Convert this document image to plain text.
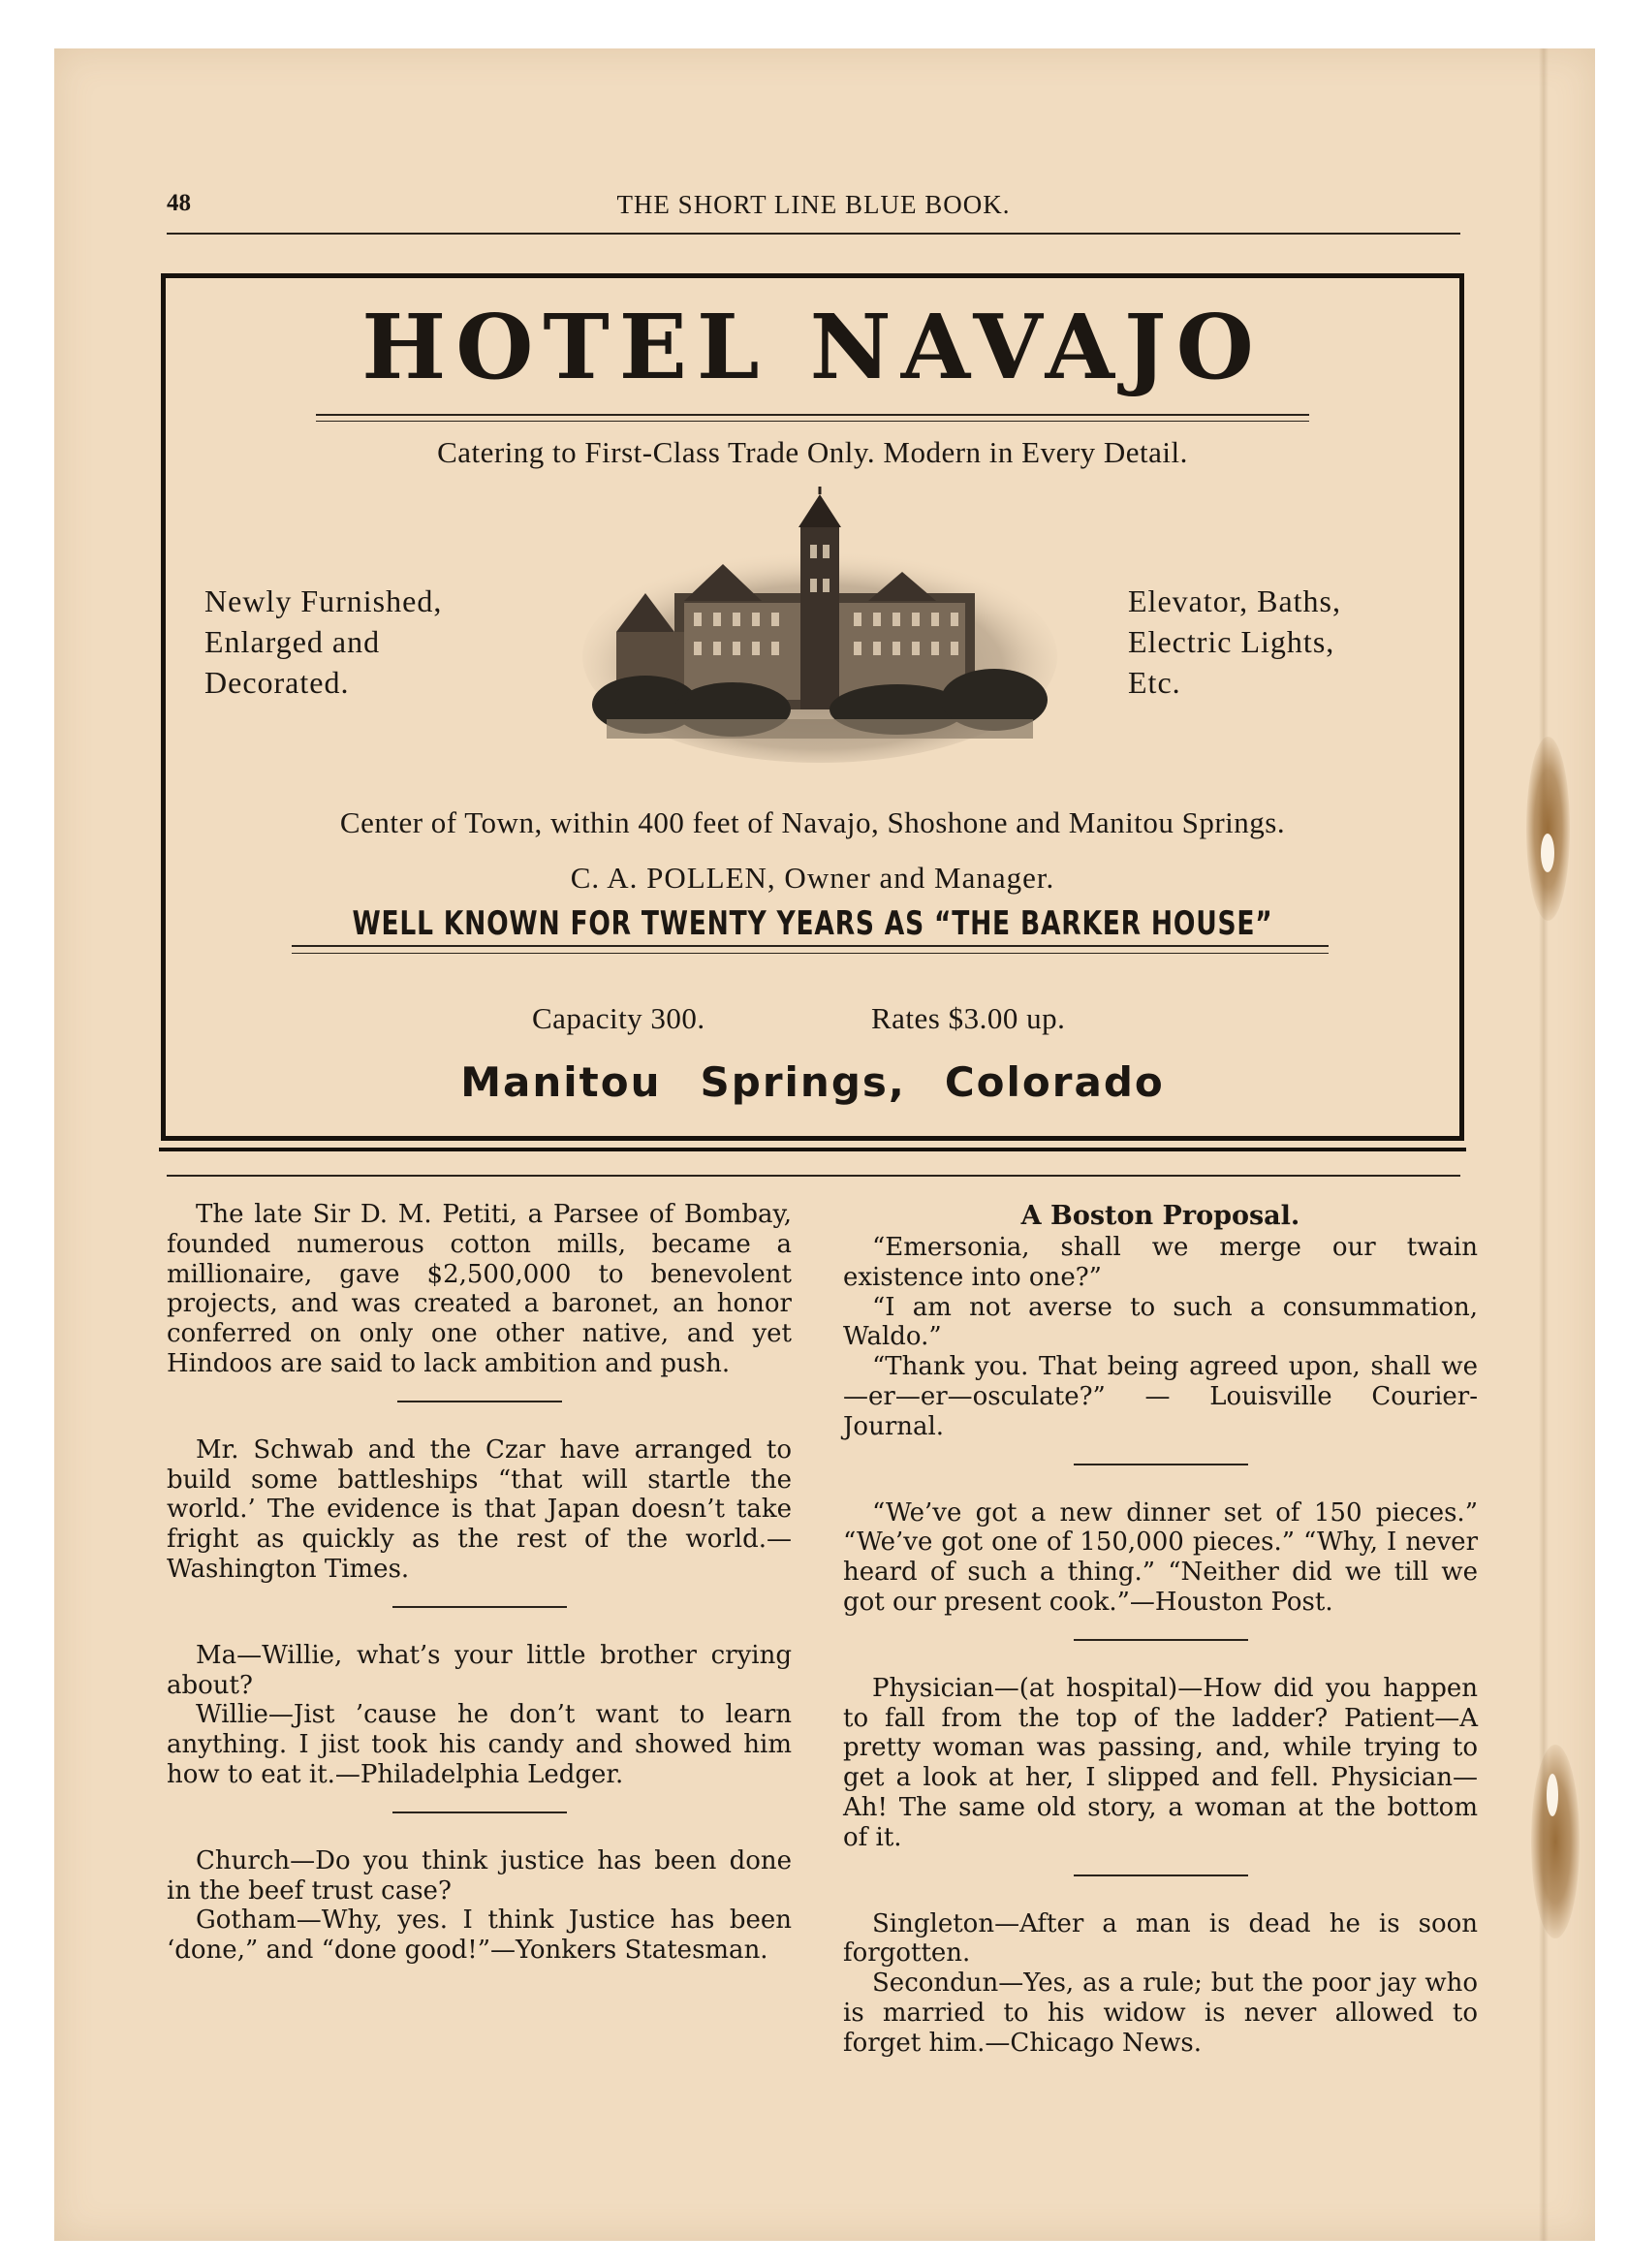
48	THE SHORT LINE BLUE BOOK.
HOTEL NAVAJO
Catering to First-Class Trade Only. Modern in Every Detail.
Newly Furnished,
Enlarged and
Decorated.
Elevator, Baths,
Electric Lights,
Etc.
Center of Town, within 400 feet of Navajo, Shoshone and Manitou Springs.
C. A. POLLEN, Owner and Manager.
WELL KNOWN FOR TWENTY YEARS AS “THE BARKER HOUSE”
Capacity 300.	Rates $3.00 up.
Manitou Springs, Colorado

The late Sir D. M. Petiti, a Parsee of Bombay, founded numerous cotton mills, became a millionaire, gave $2,500,000 to benevolent projects, and was created a baronet, an honor conferred on only one other native, and yet Hindoos are said to lack ambition and push.

Mr. Schwab and the Czar have arranged to build some battleships “that will startle the world.’ The evidence is that Japan doesn’t take fright as quickly as the rest of the world.—Washington Times.

Ma—Willie, what’s your little brother crying about?

Willie—Jist ’cause he don’t want to learn anything. I jist took his candy and showed him how to eat it.—Philadelphia Ledger.

Church—Do you think justice has been done in the beef trust case?

Gotham—Why, yes. I think Justice has been ‘done,” and “done good!”—Yonkers Statesman.

A Boston Proposal.

“Emersonia, shall we merge our twain existence into one?”

“I am not averse to such a consummation, Waldo.”

“Thank you. That being agreed upon, shall we—er—er—osculate?” — Louisville Courier-Journal.

“We’ve got a new dinner set of 150 pieces.” “We’ve got one of 150,000 pieces.” “Why, I never heard of such a thing.” “Neither did we till we got our present cook.”—Houston Post.

Physician—(at hospital)—How did you happen to fall from the top of the ladder? Patient—A pretty woman was passing, and, while trying to get a look at her, I slipped and fell. Physician—Ah! The same old story, a woman at the bottom of it.

Singleton—After a man is dead he is soon forgotten.

Secondun—Yes, as a rule; but the poor jay who is married to his widow is never allowed to forget him.—Chicago News.
